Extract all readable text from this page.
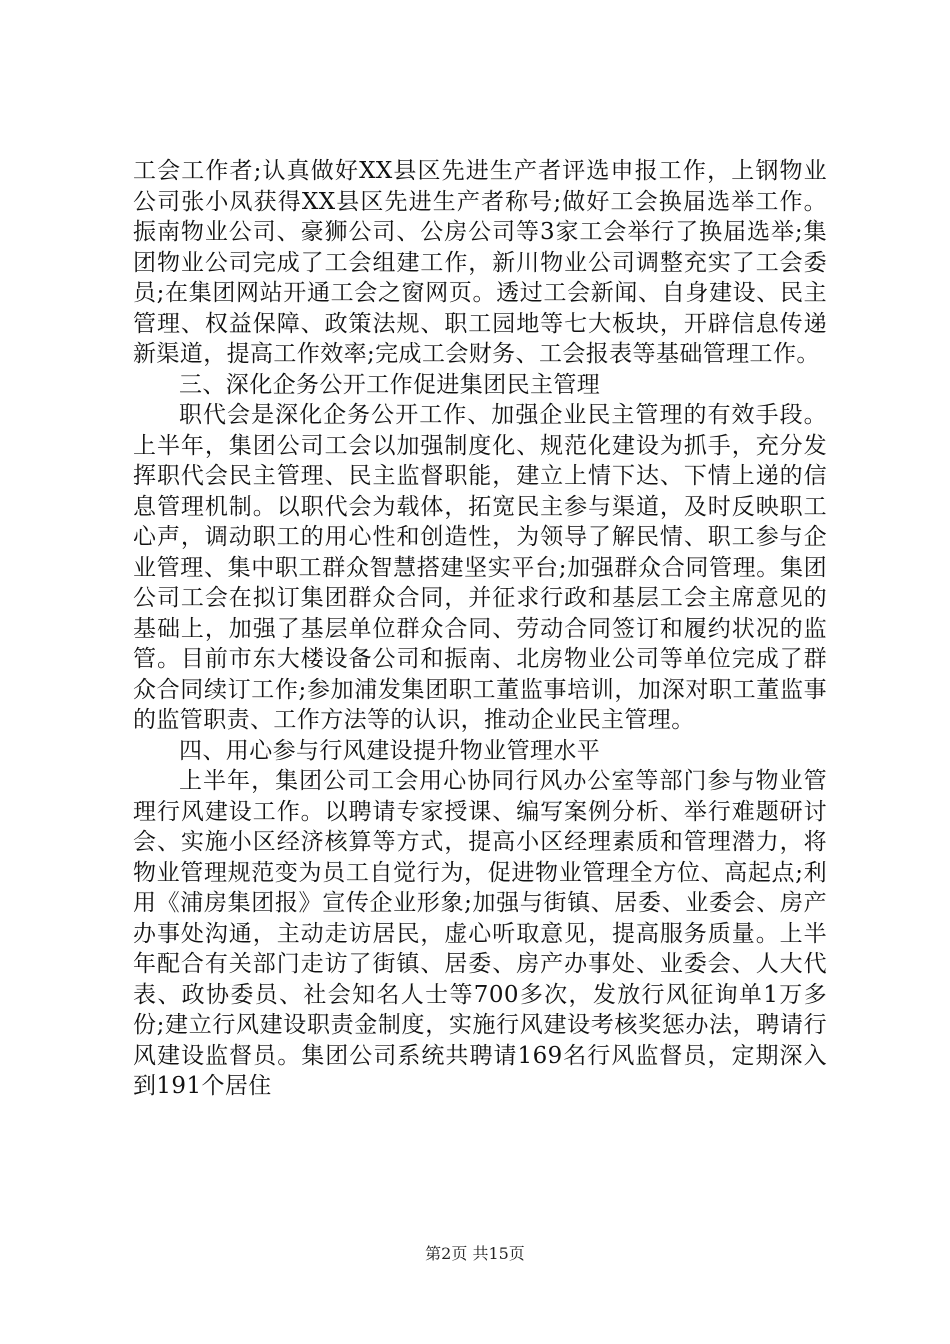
工会工作者;认真做好XX县区先进生产者评选申报工作，上钢物业公司张小凤获得XX县区先进生产者称号;做好工会换届选举工作。振南物业公司、豪狮公司、公房公司等3家工会举行了换届选举;集团物业公司完成了工会组建工作，新川物业公司调整充实了工会委员;在集团网站开通工会之窗网页。透过工会新闻、自身建设、民主管理、权益保障、政策法规、职工园地等七大板块，开辟信息传递新渠道，提高工作效率;完成工会财务、工会报表等基础管理工作。

三、深化企务公开工作促进集团民主管理

职代会是深化企务公开工作、加强企业民主管理的有效手段。上半年，集团公司工会以加强制度化、规范化建设为抓手，充分发挥职代会民主管理、民主监督职能，建立上情下达、下情上递的信息管理机制。以职代会为载体，拓宽民主参与渠道，及时反映职工心声，调动职工的用心性和创造性，为领导了解民情、职工参与企业管理、集中职工群众智慧搭建坚实平台;加强群众合同管理。集团公司工会在拟订集团群众合同，并征求行政和基层工会主席意见的基础上，加强了基层单位群众合同、劳动合同签订和履约状况的监管。目前市东大楼设备公司和振南、北房物业公司等单位完成了群众合同续订工作;参加浦发集团职工董监事培训，加深对职工董监事的监管职责、工作方法等的认识，推动企业民主管理。

四、用心参与行风建设提升物业管理水平

上半年，集团公司工会用心协同行风办公室等部门参与物业管理行风建设工作。以聘请专家授课、编写案例分析、举行难题研讨会、实施小区经济核算等方式，提高小区经理素质和管理潜力，将物业管理规范变为员工自觉行为，促进物业管理全方位、高起点;利用《浦房集团报》宣传企业形象;加强与街镇、居委、业委会、房产办事处沟通，主动走访居民，虚心听取意见，提高服务质量。上半年配合有关部门走访了街镇、居委、房产办事处、业委会、人大代表、政协委员、社会知名人士等700多次，发放行风征询单1万多份;建立行风建设职责金制度，实施行风建设考核奖惩办法，聘请行风建设监督员。集团公司系统共聘请169名行风监督员，定期深入到191个居住

第2页 共15页
